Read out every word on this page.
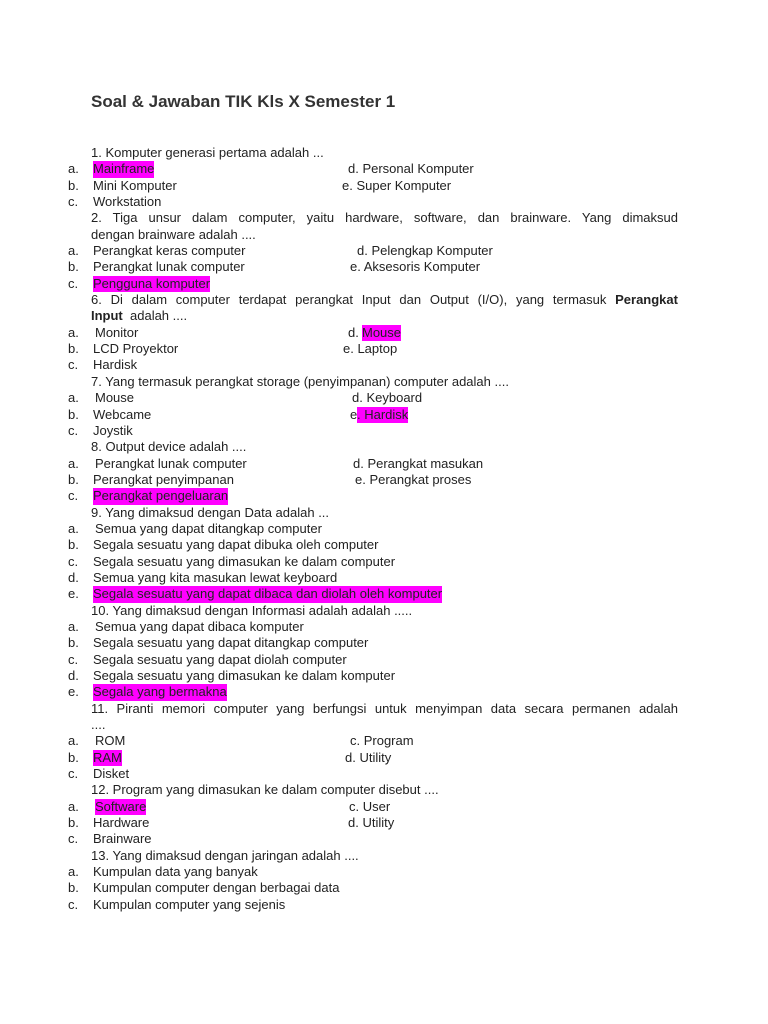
Soal & Jawaban TIK Kls X Semester 1
1. Komputer generasi pertama adalah ...
a. Mainframe	d. Personal Komputer
b. Mini Komputer	e. Super Komputer
c. Workstation
2. Tiga unsur dalam computer, yaitu hardware, software, dan brainware. Yang dimaksud
dengan brainware adalah ....
a. Perangkat keras computer	d. Pelengkap Komputer
b. Perangkat lunak computer	e. Aksesoris Komputer
c. Pengguna komputer
6. Di dalam computer terdapat perangkat Input dan Output (I/O), yang termasuk Perangkat
Input adalah ....
a. Monitor	d. Mouse
b. LCD Proyektor	e. Laptop
c. Hardisk
7. Yang termasuk perangkat storage (penyimpanan) computer adalah ....
a. Mouse	d. Keyboard
b. Webcame	e . Hardisk
c. Joystik
8. Output device adalah ....
a. Perangkat lunak computer	d. Perangkat masukan
b. Perangkat penyimpanan	e. Perangkat proses
c. Perangkat pengeluaran
9. Yang dimaksud dengan Data adalah ...
a. Semua yang dapat ditangkap computer
b. Segala sesuatu yang dapat dibuka oleh computer
c. Segala sesuatu yang dimasukan ke dalam computer
d. Semua yang kita masukan lewat keyboard
e. Segala sesuatu yang dapat dibaca dan diolah oleh komputer
10. Yang dimaksud dengan Informasi adalah adalah .....
a. Semua yang dapat dibaca komputer
b. Segala sesuatu yang dapat ditangkap computer
c. Segala sesuatu yang dapat diolah computer
d. Segala sesuatu yang dimasukan ke dalam komputer
e. Segala yang bermakna
11. Piranti memori computer yang berfungsi untuk menyimpan data secara permanen adalah
....
a. ROM	c. Program
b. RAM	d. Utility
c. Disket
12. Program yang dimasukan ke dalam computer disebut ....
a. Software	c. User
b. Hardware	d. Utility
c. Brainware
13. Yang dimaksud dengan jaringan adalah ....
a. Kumpulan data yang banyak
b. Kumpulan computer dengan berbagai data
c. Kumpulan computer yang sejenis
